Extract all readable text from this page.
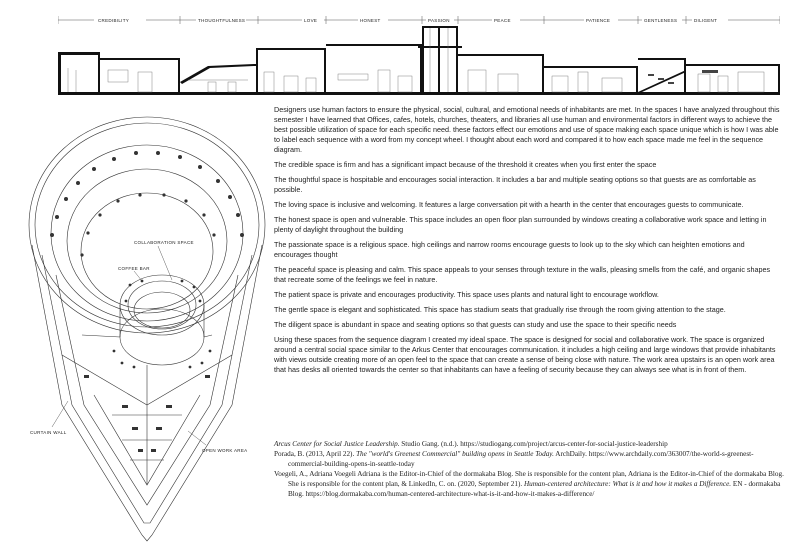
CREDIBILITY	THOUGHTFULNESS	LOVE	HONEST	PASSION	PEACE	PATIENCE	GENTLENESS	DILIGENT
COLLABORATION SPACE
COFFEE BAR
CURTAIN WALL
OPEN WORK AREA

Designers use human factors to ensure the physical, social, cultural, and emotional needs of inhabitants are met. In the spaces I have analyzed throughout this semester I have learned that Offices, cafes, hotels, churches, theaters, and libraries all use human and environmental factors in different ways to achieve the best possible utilization of space for each specific need. these factors effect our emotions and use of space making each space unique which is how I was able to label each sequence with a word from my concept wheel. I thought about each word and compared it to how each space made me feel in the sequence diagram.

The credible space is firm and has a significant impact because of the threshold it creates when you first enter the space

The thoughtful space is hospitable and encourages social interaction. It includes a bar and multiple seating options so that guests are as comfortable as possible.

The loving space is inclusive and welcoming. It features a large conversation pit with a hearth in the center that encourages guests to communicate.

The honest space is open and vulnerable. This space includes an open floor plan surrounded by windows creating a collaborative work space and letting in plenty of daylight throughout the building

The passionate space is a religious space. high ceilings and narrow rooms encourage guests to look up to the sky which can heighten emotions and encourages thought

The peaceful space is pleasing and calm. This space appeals to your senses through texture in the walls, pleasing smells from the café, and organic shapes that recreate some of the feelings we feel in nature.

The patient space is private and encourages productivity. This space uses plants and natural light to encourage workflow.

The gentle space is elegant and sophisticated. This space has stadium seats that gradually rise through the room giving attention to the stage.

The diligent space is abundant in space and seating options so that guests can study and use the space to their specific needs

Using these spaces from the sequence diagram I created my ideal space. The space is designed for social and collaborative work. The space is organized around a central social space similar to the Arkus Center that encourages communication. it includes a high ceiling and large windows that provide inhabitants with views outside creating more of an open feel to the space that can create a sense of being close with nature. The work area upstairs is an open work area that has desks all oriented towards the center so that inhabitants can have a feeling of security because they can always see what is in front of them.

Arcus Center for Social Justice Leadership. Studio Gang. (n.d.). https://studiogang.com/project/arcus-center-for-social-justice-leadership

Poradа, B. (2013, April 22). The "world's Greenest Commercial" building opens in Seattle Today. ArchDaily. https://www.archdaily.com/363007/the-world-s-greenest-commercial-building-opens-in-seattle-today

Voegeli, A., Adriana Voegeli Adriana is the Editor-in-Chief of the dormakaba Blog. She is responsible for the content plan, Adriana is the Editor-in-Chief of the dormakaba Blog. She is responsible for the content plan, & LinkedIn, C. on. (2020, September 21). Human-centered architecture: What is it and how it makes a Difference. EN - dormakaba Blog. https://blog.dormakaba.com/human-centered-architecture-what-is-it-and-how-it-makes-a-difference/
